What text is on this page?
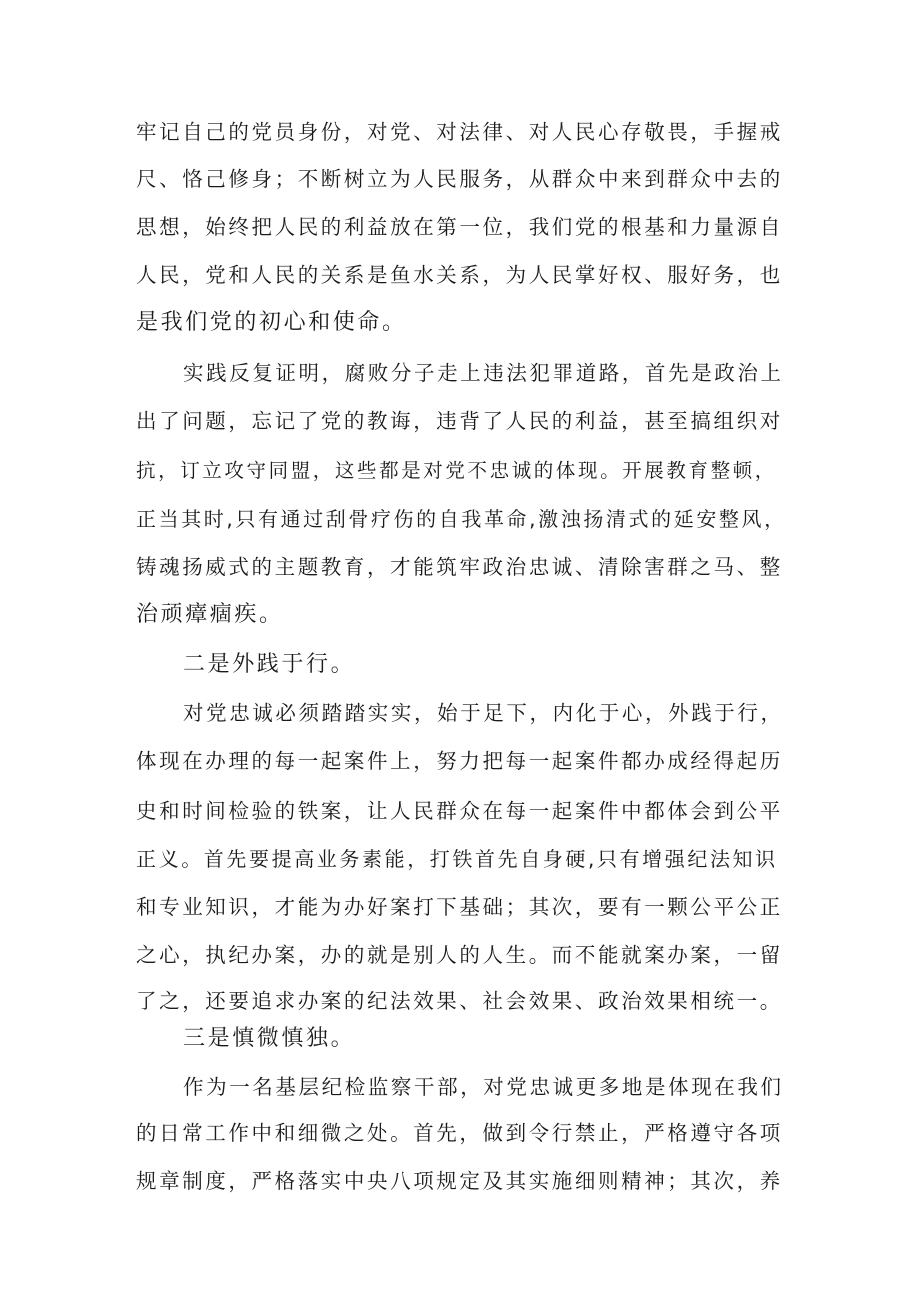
牢记自己的党员身份，对党、对法律、对人民心存敬畏，手握戒
尺、恪己修身；不断树立为人民服务，从群众中来到群众中去的
思想，始终把人民的利益放在第一位，我们党的根基和力量源自
人民，党和人民的关系是鱼水关系，为人民掌好权、服好务，也
是我们党的初心和使命。
实践反复证明，腐败分子走上违法犯罪道路，首先是政治上
出了问题，忘记了党的教诲，违背了人民的利益，甚至搞组织对
抗，订立攻守同盟，这些都是对党不忠诚的体现。开展教育整顿，
正当其时,只有通过刮骨疗伤的自我革命,激浊扬清式的延安整风，
铸魂扬威式的主题教育，才能筑牢政治忠诚、清除害群之马、整
治顽瘴痼疾。
二是外践于行。
对党忠诚必须踏踏实实，始于足下，内化于心，外践于行，
体现在办理的每一起案件上，努力把每一起案件都办成经得起历
史和时间检验的铁案，让人民群众在每一起案件中都体会到公平
正义。首先要提高业务素能，打铁首先自身硬,只有增强纪法知识
和专业知识，才能为办好案打下基础；其次，要有一颗公平公正
之心，执纪办案，办的就是别人的人生。而不能就案办案，一留
了之，还要追求办案的纪法效果、社会效果、政治效果相统一。
三是慎微慎独。
作为一名基层纪检监察干部，对党忠诚更多地是体现在我们
的日常工作中和细微之处。首先，做到令行禁止，严格遵守各项
规章制度，严格落实中央八项规定及其实施细则精神；其次，养
